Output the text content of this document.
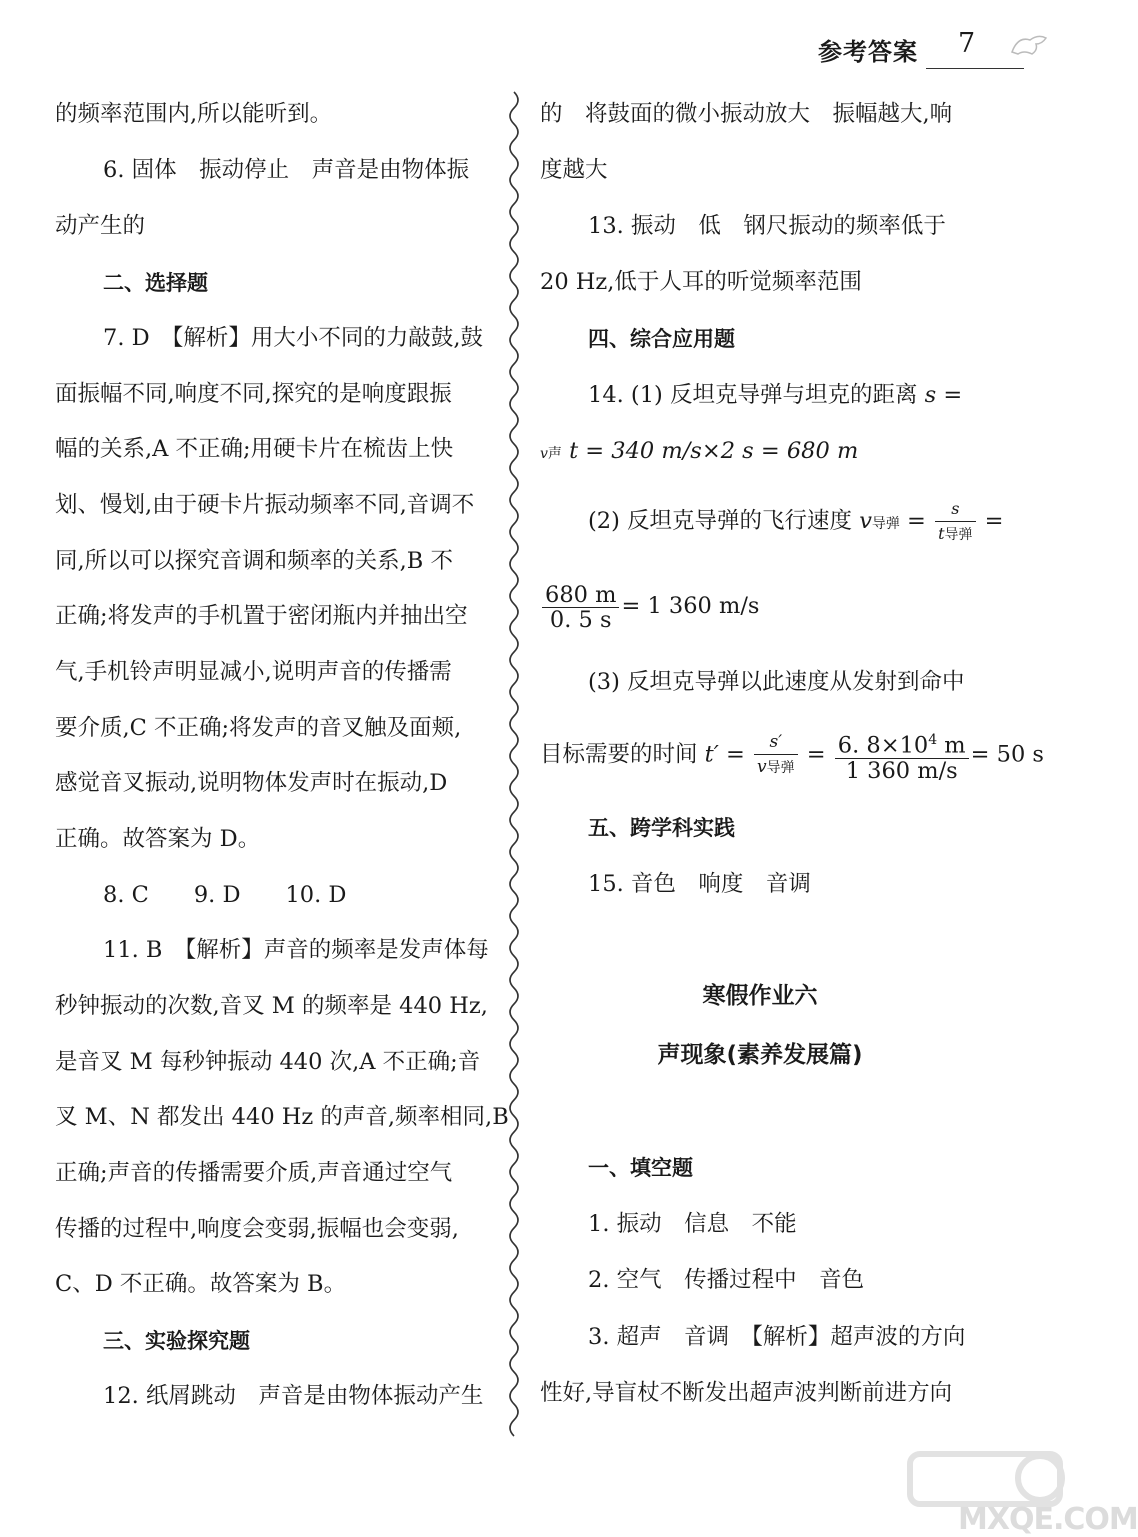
参考答案 7
的频率范围内,所以能听到。
6. 固体　振动停止　声音是由物体振
动产生的
二、选择题
7. D　【解析】用大小不同的力敲鼓,鼓
面振幅不同,响度不同,探究的是响度跟振
幅的关系,A 不正确;用硬卡片在梳齿上快
划、慢划,由于硬卡片振动频率不同,音调不
同,所以可以探究音调和频率的关系,B 不
正确;将发声的手机置于密闭瓶内并抽出空
气,手机铃声明显减小,说明声音的传播需
要介质,C 不正确;将发声的音叉触及面颊,
感觉音叉振动,说明物体发声时在振动,D
正确。故答案为 D。
8. C　　9. D　　10. D
11. B　【解析】声音的频率是发声体每
秒钟振动的次数,音叉 M 的频率是 440 Hz,
是音叉 M 每秒钟振动 440 次,A 不正确;音
叉 M、N 都发出 440 Hz 的声音,频率相同,B
正确;声音的传播需要介质,声音通过空气
传播的过程中,响度会变弱,振幅也会变弱,
C、D 不正确。故答案为 B。
三、实验探究题
12. 纸屑跳动　声音是由物体振动产生
的　将鼓面的微小振动放大　振幅越大,响
度越大
13. 振动　低　钢尺振动的频率低于
20 Hz,低于人耳的听觉频率范围
四、综合应用题
14. (1) 反坦克导弹与坦克的距离 s =
v声 t = 340 m/s×2 s = 680 m
(2) 反坦克导弹的飞行速度 v导弹 = $\frac{s}{\text{t导弹}}$ =
$\frac{680 m}{0. 5 s} = 1$ 360 m/s
(3) 反坦克导弹以此速度从发射到命中
目标需要的时间 $t' = \frac{s'}{\text{v导弹}} = \frac{6. 8\times 10^4 m}{1 360 m/s} = 50$ s
五、跨学科实践
15. 音色　响度　音调
寒假作业六
声现象(素养发展篇)
一、填空题
1. 振动　信息　不能
2. 空气　传播过程中　音色
3. 超声　音调　【解析】超声波的方向
性好,导盲杖不断发出超声波判断前进方向
MXQE.COM
